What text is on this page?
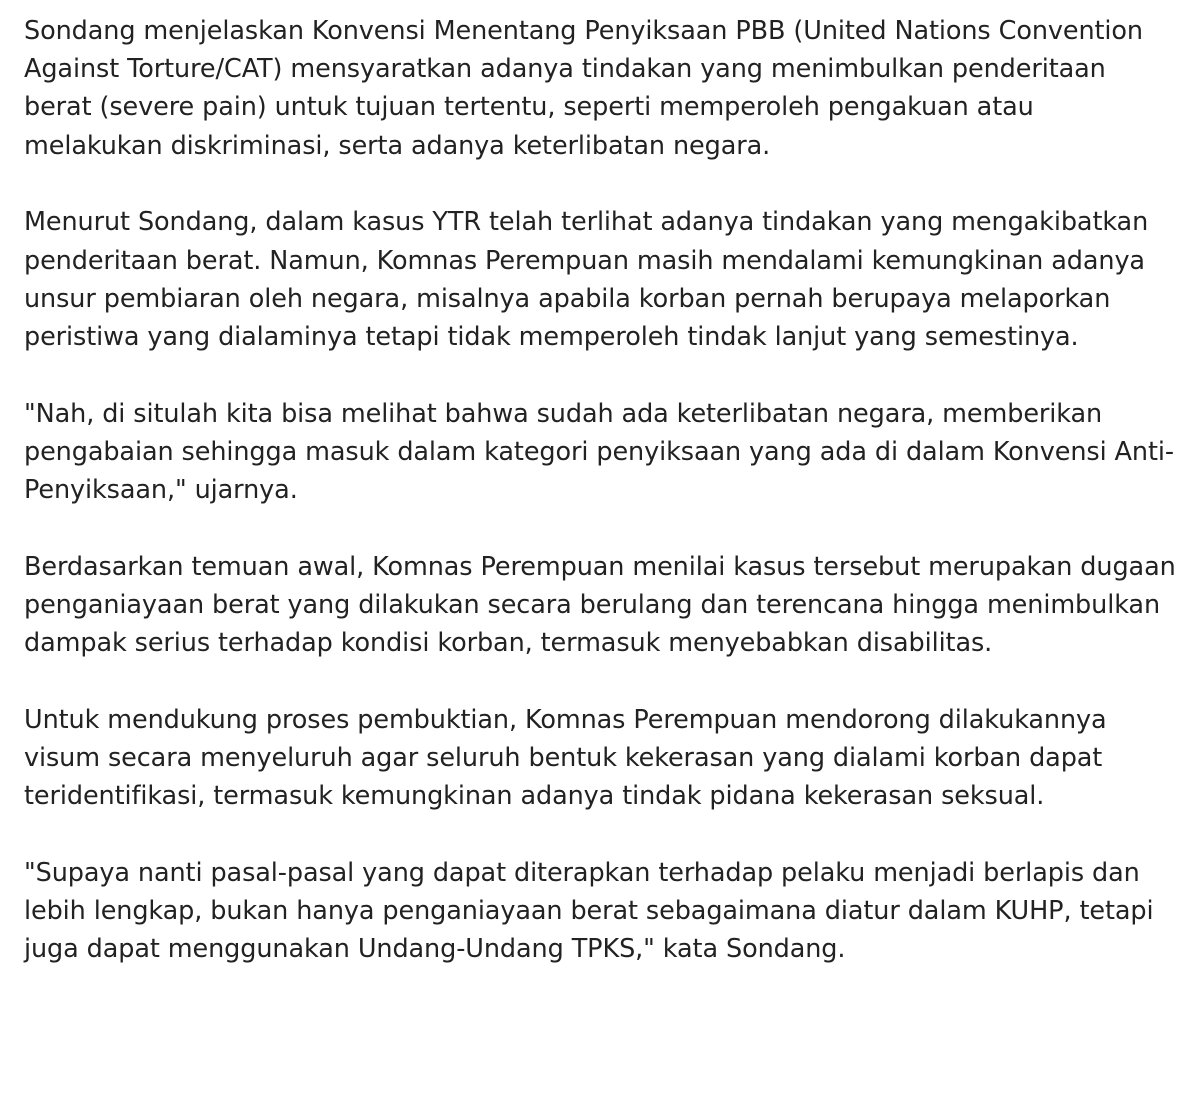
Sondang menjelaskan Konvensi Menentang Penyiksaan PBB (United Nations Convention Against Torture/CAT) mensyaratkan adanya tindakan yang menimbulkan penderitaan berat (severe pain) untuk tujuan tertentu, seperti memperoleh pengakuan atau melakukan diskriminasi, serta adanya keterlibatan negara.

Menurut Sondang, dalam kasus YTR telah terlihat adanya tindakan yang mengakibatkan penderitaan berat. Namun, Komnas Perempuan masih mendalami kemungkinan adanya unsur pembiaran oleh negara, misalnya apabila korban pernah berupaya melaporkan peristiwa yang dialaminya tetapi tidak memperoleh tindak lanjut yang semestinya.

"Nah, di situlah kita bisa melihat bahwa sudah ada keterlibatan negara, memberikan pengabaian sehingga masuk dalam kategori penyiksaan yang ada di dalam Konvensi Anti-Penyiksaan," ujarnya.

Berdasarkan temuan awal, Komnas Perempuan menilai kasus tersebut merupakan dugaan penganiayaan berat yang dilakukan secara berulang dan terencana hingga menimbulkan dampak serius terhadap kondisi korban, termasuk menyebabkan disabilitas.

Untuk mendukung proses pembuktian, Komnas Perempuan mendorong dilakukannya visum secara menyeluruh agar seluruh bentuk kekerasan yang dialami korban dapat teridentifikasi, termasuk kemungkinan adanya tindak pidana kekerasan seksual.

"Supaya nanti pasal-pasal yang dapat diterapkan terhadap pelaku menjadi berlapis dan lebih lengkap, bukan hanya penganiayaan berat sebagaimana diatur dalam KUHP, tetapi juga dapat menggunakan Undang-Undang TPKS," kata Sondang.
